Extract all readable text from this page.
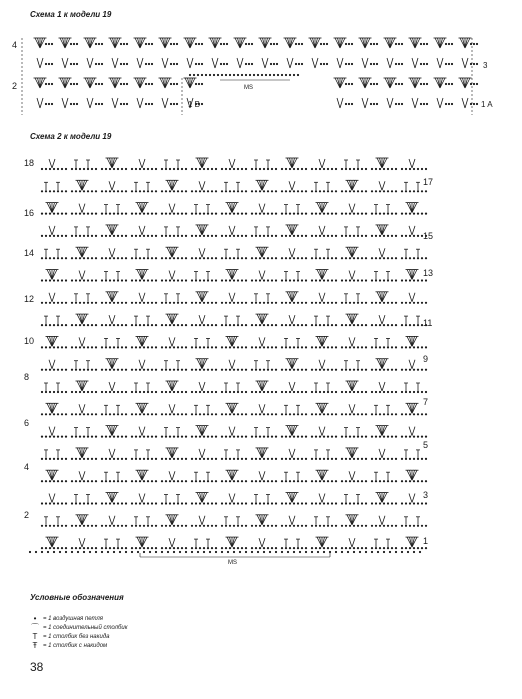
Схема 1 к модели 19
4
2
3
1 A
1 B
MS
Схема 2 к модели 19
18
16
14
12
10
8
6
4
2
17
15
13
11
9
7
5
3
1
MS
Условные обозначения
•	= 1 воздушная петля
⌒ = 1 соединительный столбик
T = 1 столбик без накида
Ŧ = 1 столбик с накидом
38
